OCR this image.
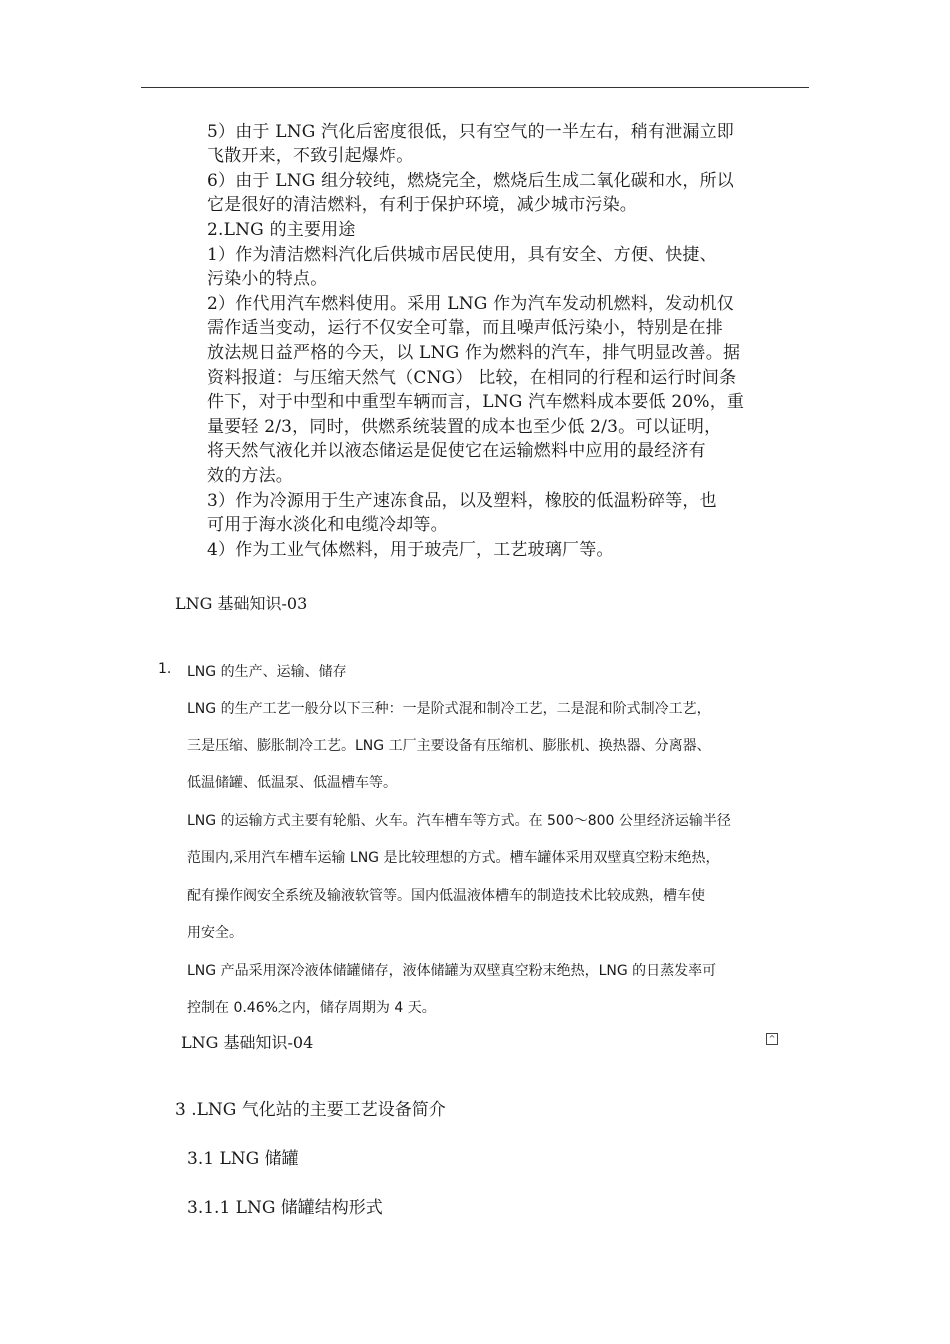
5）由于 LNG 汽化后密度很低，只有空气的一半左右，稍有泄漏立即
飞散开来，不致引起爆炸。
6）由于 LNG 组分较纯，燃烧完全，燃烧后生成二氧化碳和水，所以
它是很好的清洁燃料，有利于保护环境，减少城市污染。
2.LNG 的主要用途
1）作为清洁燃料汽化后供城市居民使用，具有安全、方便、快捷、
污染小的特点。
2）作代用汽车燃料使用。采用 LNG 作为汽车发动机燃料，发动机仅
需作适当变动，运行不仅安全可靠，而且噪声低污染小，特别是在排
放法规日益严格的今天，以 LNG 作为燃料的汽车，排气明显改善。据
资料报道：与压缩天然气（CNG） 比较，在相同的行程和运行时间条
件下，对于中型和中重型车辆而言，LNG 汽车燃料成本要低 20%，重
量要轻 2/3，同时，供燃系统装置的成本也至少低 2/3。可以证明，
将天然气液化并以液态储运是促使它在运输燃料中应用的最经济有
效的方法。
3）作为冷源用于生产速冻食品，以及塑料，橡胶的低温粉碎等，也
可用于海水淡化和电缆冷却等。
4）作为工业气体燃料，用于玻壳厂，工艺玻璃厂等。
LNG 基础知识-03
1. LNG 的生产、运输、储存
LNG 的生产工艺一般分以下三种：一是阶式混和制冷工艺，二是混和阶式制冷工艺，
三是压缩、膨胀制冷工艺。LNG 工厂主要设备有压缩机、膨胀机、换热器、分离器、
低温储罐、低温泵、低温槽车等。
LNG 的运输方式主要有轮船、火车。汽车槽车等方式。在 500～800 公里经济运输半径
范围内,采用汽车槽车运输 LNG 是比较理想的方式。槽车罐体采用双壁真空粉末绝热，
配有操作阀安全系统及输液软管等。国内低温液体槽车的制造技术比较成熟，槽车使
用安全。
LNG 产品采用深冷液体储罐储存，液体储罐为双壁真空粉末绝热，LNG 的日蒸发率可
控制在 0.46%之内，储存周期为 4 天。
LNG 基础知识-04	^
3 .LNG 气化站的主要工艺设备简介
3.1 LNG 储罐
3.1.1 LNG 储罐结构形式
